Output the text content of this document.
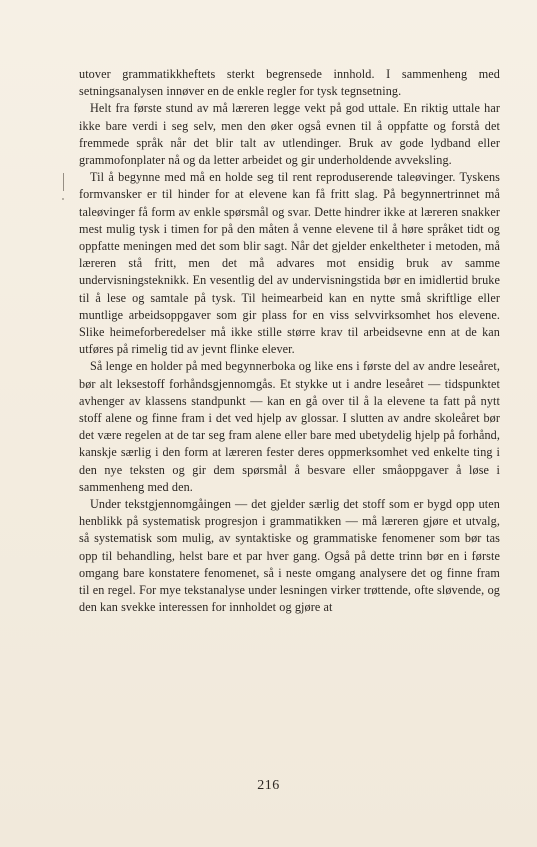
utover grammatikkheftets sterkt begrensede innhold. I sammenheng med setningsanalysen innøver en de enkle regler for tysk tegnsetning.

Helt fra første stund av må læreren legge vekt på god uttale. En riktig uttale har ikke bare verdi i seg selv, men den øker også evnen til å oppfatte og forstå det fremmede språk når det blir talt av utlendinger. Bruk av gode lydband eller grammofonplater nå og da letter arbeidet og gir underholdende avveksling.

Til å begynne med må en holde seg til rent reproduserende taleøvinger. Tyskens formvansker er til hinder for at elevene kan få fritt slag. På begynnertrinnet må taleøvinger få form av enkle spørsmål og svar. Dette hindrer ikke at læreren snakker mest mulig tysk i timen for på den måten å venne elevene til å høre språket tidt og oppfatte meningen med det som blir sagt. Når det gjelder enkeltheter i metoden, må læreren stå fritt, men det må advares mot ensidig bruk av samme undervisningsteknikk. En vesentlig del av undervisningstida bør en imidlertid bruke til å lese og samtale på tysk. Til heimearbeid kan en nytte små skriftlige eller muntlige arbeidsoppgaver som gir plass for en viss selvvirksomhet hos elevene. Slike heimeforberedelser må ikke stille større krav til arbeidsevne enn at de kan utføres på rimelig tid av jevnt flinke elever.

Så lenge en holder på med begynnerboka og like ens i første del av andre leseåret, bør alt leksestoff forhåndsgjennomgås. Et stykke ut i andre leseåret — tidspunktet avhenger av klassens standpunkt — kan en gå over til å la elevene ta fatt på nytt stoff alene og finne fram i det ved hjelp av glossar. I slutten av andre skoleåret bør det være regelen at de tar seg fram alene eller bare med ubetydelig hjelp på forhånd, kanskje særlig i den form at læreren fester deres oppmerksomhet ved enkelte ting i den nye teksten og gir dem spørsmål å besvare eller småoppgaver å løse i sammenheng med den.

Under tekstgjennomgåingen — det gjelder særlig det stoff som er bygd opp uten henblikk på systematisk progresjon i grammatikken — må læreren gjøre et utvalg, så systematisk som mulig, av syntaktiske og grammatiske fenomener som bør tas opp til behandling, helst bare et par hver gang. Også på dette trinn bør en i første omgang bare konstatere fenomenet, så i neste omgang analysere det og finne fram til en regel. For mye tekstanalyse under lesningen virker trøttende, ofte sløvende, og den kan svekke interessen for innholdet og gjøre at

216
